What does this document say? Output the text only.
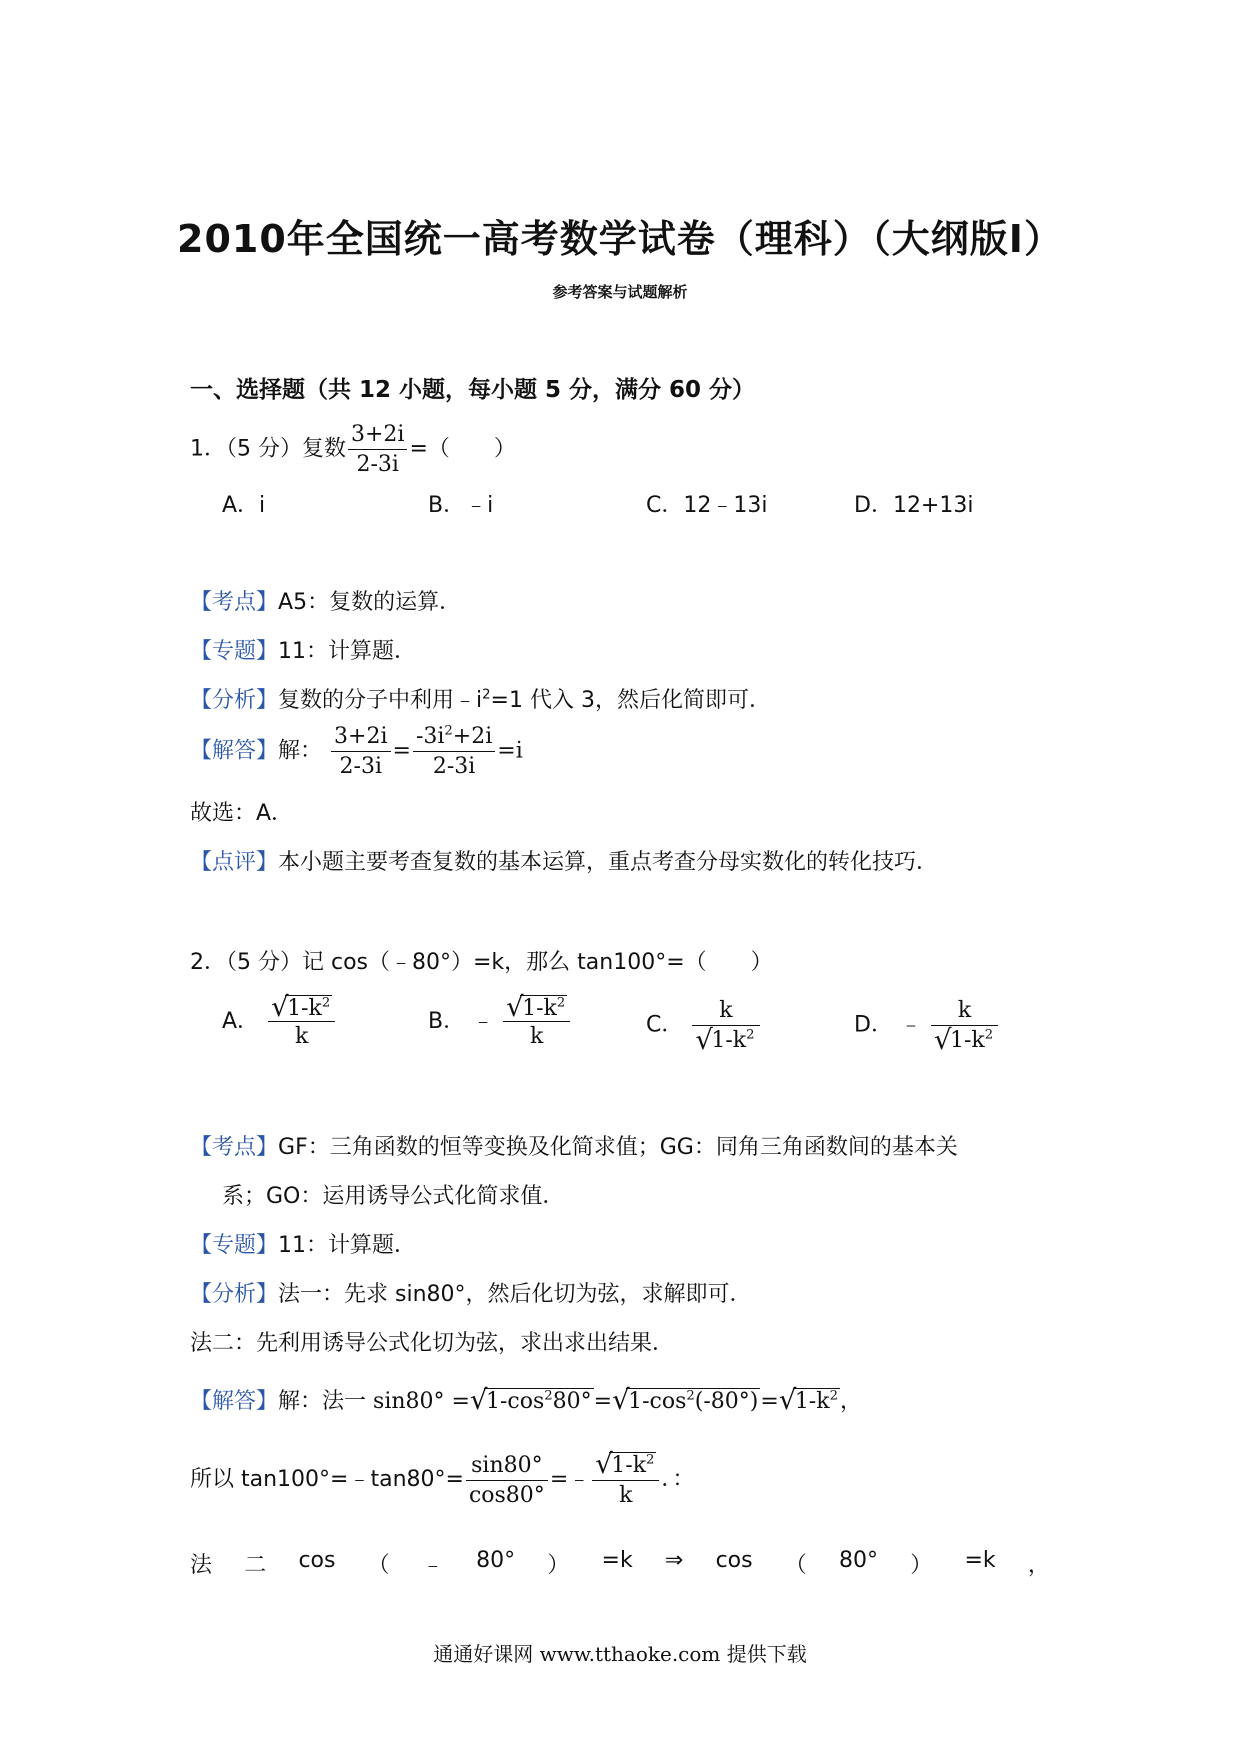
2010年全国统一高考数学试卷（理科）（大纲版Ⅰ）
参考答案与试题解析
一、选择题（共 12 小题，每小题 5 分，满分 60 分）
1．（5 分）复数 $\frac{3+2i}{2-3i}$ =（　　）
A．i	B．﹣i	C．12﹣13i	D．12+13i
【考点】A5：复数的运算．
【专题】11：计算题．
【分析】复数的分子中利用$﹣i^2=1$ 代入 3，然后化简即可．
【解答】解： $\frac{3+2i}{2-3i} = \frac{-3i^2+2i}{2-3i} =i$
故选：A．
【点评】本小题主要考查复数的基本运算，重点考查分母实数化的转化技巧．
2．（5 分）记 cos（﹣80°）=k，那么 tan100°=（　　）
A． √
$1-k^2$
k	B． ﹣ √
$1-k^2$
k	C． k
√
$1-k^2$	D． ﹣ k
√
$1-k^2$
【考点】GF：三角函数的恒等变换及化简求值；GG：同角三角函数间的基本关
系；GO：运用诱导公式化简求值．
【专题】11：计算题．
【分析】法一：先求 sin80°，然后化切为弦，求解即可．
法二：先利用诱导公式化切为弦，求出求出结果．
【解答】解：法一 sin80° = √
$1-\cos^280^\circ=$ √
$1-\cos^2(-80^\circ)=$ √
$1-k^2$，
所以 tan100°=﹣tan80°= $\frac{\sin 80^\circ}{\cos 80^\circ}$ =﹣ √
$1-k^2$
k ．：
法 二 cos （ ﹣ 80° ） =k ⇒ cos （ 80° ） =k ，
通通好课网 www.tthaoke.com 提供下载
